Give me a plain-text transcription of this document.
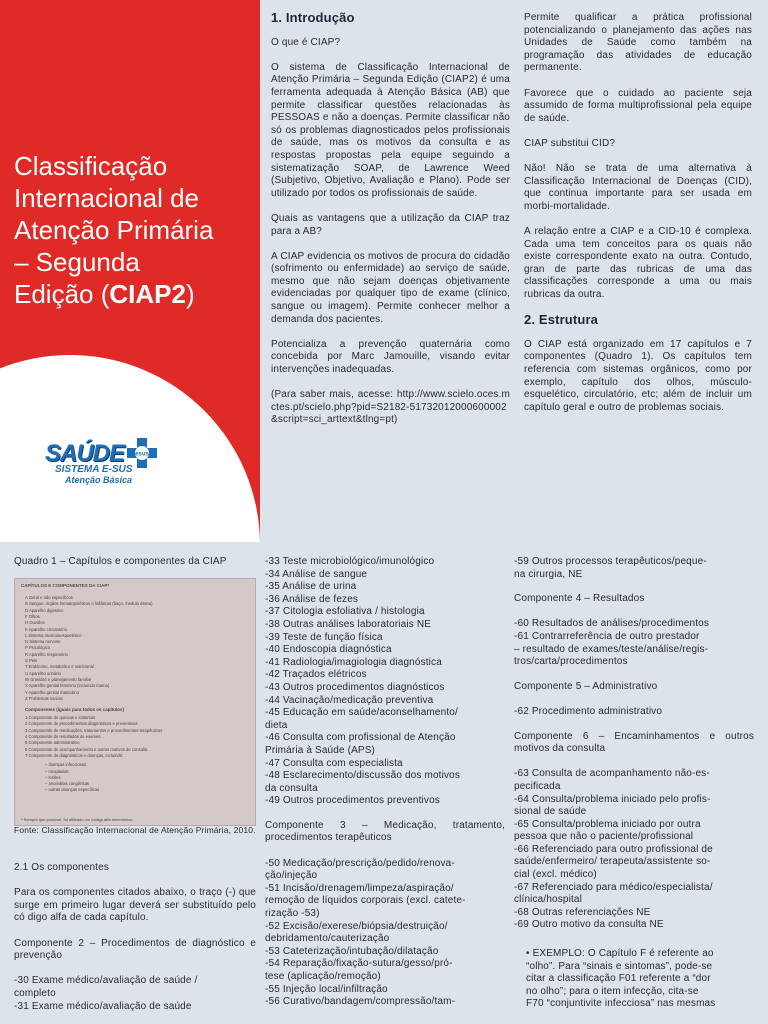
Classificação
Internacional de
Atenção Primária
– Segunda
Edição (CIAP2)
SAÚDE esus
SISTEMA E-SUS
Atenção Básica
1. Introdução

O que é CIAP?

O sistema de Classificação Internacional de Atenção Primária – Segunda Edição (CIAP2) é uma ferramenta adequada à Atenção Básica (AB) que permite classificar questões relacionadas às PESSOAS e não a doenças. Permite classificar não só os problemas diagnosticados pelos profissionais de saúde, mas os motivos da consulta e as respostas propostas pela equipe seguindo a sistematização SOAP, de Lawrence Weed (Subjetivo, Objetivo, Avaliação e Plano). Pode ser utilizado por todos os profissionais de saúde.

Quais as vantagens que a utilização da CIAP traz para a AB?

A CIAP evidencia os motivos de procura do cidadão (sofrimento ou enfermidade) ao serviço de saúde, mesmo que não sejam doenças objetivamente evidenciadas por qualquer tipo de exame (clínico, sangue ou imagem). Permite conhecer melhor a demanda dos pacientes.

Potencializa a prevenção quaternária como concebida por Marc Jamouille, visando evitar intervenções inadequadas.

(Para saber mais, acesse: http://www.scielo.oces.mctes.pt/scielo.php?pid=S2182-51732012000600002&script=sci_arttext&tlng=pt)

Permite qualificar a prática profissional potencializando o planejamento das ações nas Unidades de Saúde como também na programação das atividades de educação permanente.

Favorece que o cuidado ao paciente seja assumido de forma multiprofissional pela equipe de saúde.

CIAP substitui CID?

Não! Não se trata de uma alternativa à Classificação Internacional de Doenças (CID), que continua importante para ser usada em morbi-mortalidade.

A relação entre a CIAP e a CID-10 é complexa. Cada uma tem conceitos para os quais não existe correspondente exato na outra. Contudo, gran de parte das rubricas de uma das classificações corresponde a uma ou mais rubricas da outra.

2. Estrutura

O CIAP está organizado em 17 capítulos e 7 componentes (Quadro 1). Os capítulos tem referencia com sistemas orgânicos, como por exemplo, capítulo dos olhos, músculo-esquelético, circulatório, etc; além de incluir um capítulo geral e outro de problemas sociais.

Quadro 1 – Capítulos e componentes da CIAP
CAPÍTULOS E COMPONENTES DA CIAP*
A Geral e não específicos
B Sangue, órgãos hematopoiéticos e linfáticos (baço, medula óssea)
D Aparelho digestivo
F Olhos
H Ouvidos
K Aparelho circulatório
L Sistema musculoesquelético
N Sistema nervoso
P Psicológico
R Aparelho respiratório
S Pele
T Endócrino, metabólico e nutricional
U Aparelho urinário
W Gravidez e planejamento familiar
X Aparelho genital feminino (incluindo mama)
Y Aparelho genital masculino
Z Problemas sociais
Componentes (iguais para todos os capítulos)
1 Componente de queixas e sintomas
2 Componente de procedimentos diagnósticos e preventivos
3 Componente de medicações, tratamentos e procedimentos terapêuticos
4 Componente de resultados de exames
5 Componente administrativo
6 Componente de acompanhamento e outros motivos de consulta
7 Componente de diagnósticos e doenças, incluindo:
– doenças infecciosas
– neoplasias
– lesões
– anomalias congênitas
– outras doenças específicas
* Sempre que possível, foi utilizado um código alfa mnemônico.
Fonte: Classificação Internacional de Atenção Primária, 2010.

2.1 Os componentes

Para os componentes citados abaixo, o traço (-) que surge em primeiro lugar deverá ser substituído pelo có digo alfa de cada capítulo.

Componente 2 – Procedimentos de diagnóstico e prevenção

-30 Exame médico/avaliação de saúde /
completo
-31 Exame médico/avaliação de saúde
-33 Teste microbiológico/imunológico
-34 Análise de sangue
-35 Análise de urina
-36 Análise de fezes
-37 Citologia esfoliativa / histologia
-38 Outras análises laboratoriais NE
-39 Teste de função física
-40 Endoscopia diagnóstica
-41 Radiologia/imagiologia diagnóstica
-42 Traçados elétricos
-43 Outros procedimentos diagnósticos
-44 Vacinação/medicação preventiva
-45 Educação em saúde/aconselhamento/
dieta
-46 Consulta com profissional de Atenção
Primária à Saúde (APS)
-47 Consulta com especialista
-48 Esclarecimento/discussão dos motivos
da consulta
-49 Outros procedimentos preventivos

Componente 3 – Medicação, tratamento, procedimentos terapêuticos

-50 Medicação/prescrição/pedido/renova-
ção/injeção
-51 Incisão/drenagem/limpeza/aspiração/
remoção de líquidos corporais (excl. catete-
rização -53)
-52 Excisão/exerese/biópsia/destruição/
debridamento/cauterização
-53 Cateterização/intubação/dilatação
-54 Reparação/fixação-sutura/gesso/pró-
tese (aplicação/remoção)
-55 Injeção local/infiltração
-56 Curativo/bandagem/compressão/tam-
-59 Outros processos terapêuticos/peque-
na cirurgia, NE

Componente 4 – Resultados

-60 Resultados de análises/procedimentos
-61 Contrarreferência de outro prestador
– resultado de exames/teste/análise/regis-
tros/carta/procedimentos

Componente 5 – Administrativo

-62 Procedimento administrativo

Componente 6 – Encaminhamentos e outros motivos da consulta

-63 Consulta de acompanhamento não-es-
pecificada
-64 Consulta/problema iniciado pelo profis-
sional de saúde
-65 Consulta/problema iniciado por outra
pessoa que não o paciente/profissional
-66 Referenciado para outro profissional de
saúde/enfermeiro/ terapeuta/assistente so-
cial (excl. médico)
-67 Referenciado para médico/especialista/
clínica/hospital
-68 Outras referenciações NE
-69 Outro motivo da consulta NE
• EXEMPLO: O Capítulo F é referente ao
“olho”. Para “sinais e sintomas”, pode-se
citar a classificação F01 referente a “dor
no olho”; para o item infecção, cita-se
F70 “conjuntivite infecciosa” nas mesmas
